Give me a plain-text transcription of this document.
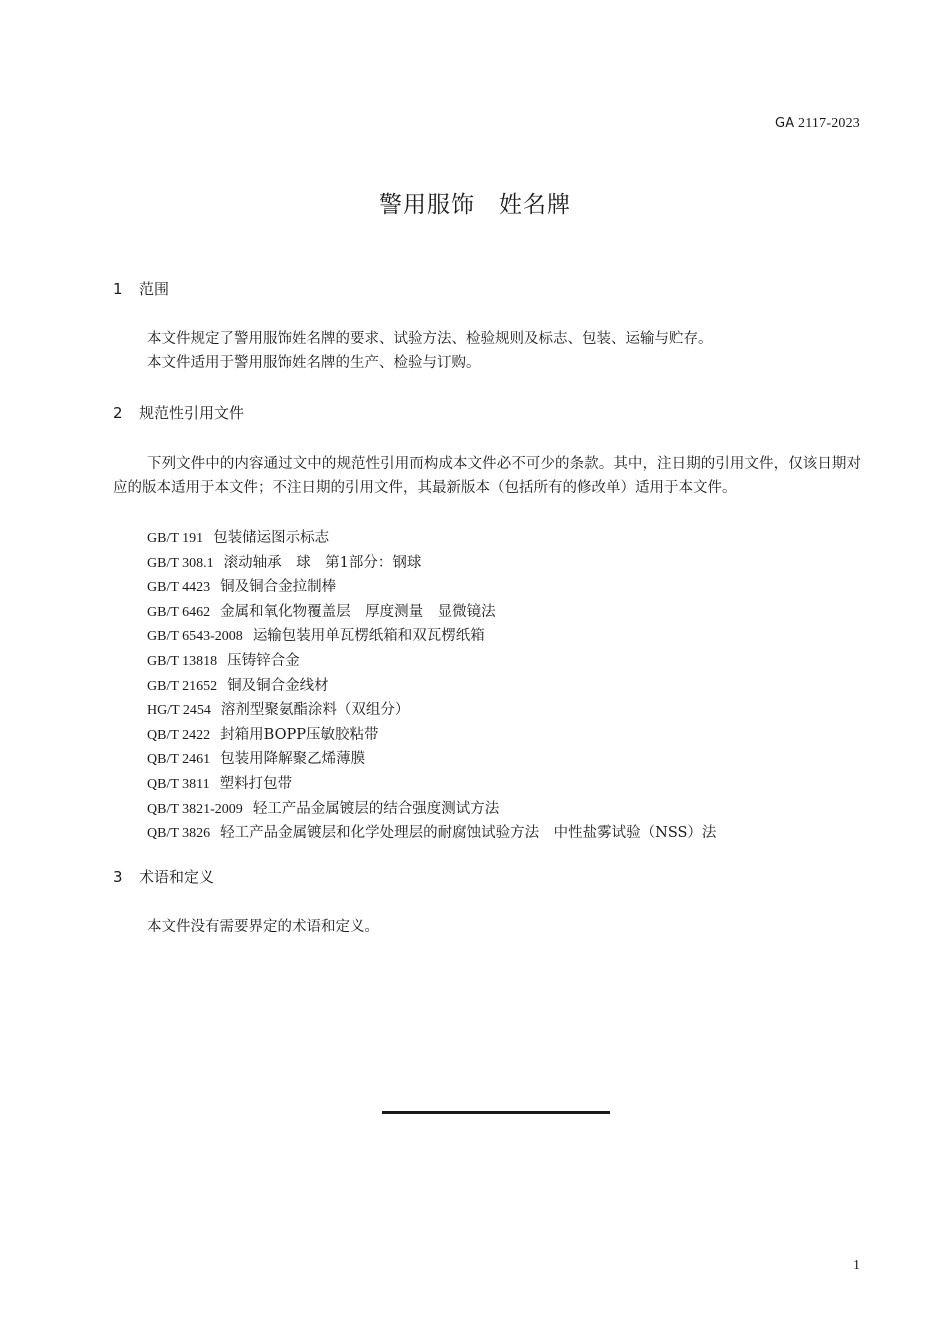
GA 2117-2023
警用服饰　姓名牌
1 范围
本文件规定了警用服饰姓名牌的要求、试验方法、检验规则及标志、包装、运输与贮存。
本文件适用于警用服饰姓名牌的生产、检验与订购。
2 规范性引用文件
下列文件中的内容通过文中的规范性引用而构成本文件必不可少的条款。其中，注日期的引用文件，仅该日期对应的版本适用于本文件；不注日期的引用文件，其最新版本（包括所有的修改单）适用于本文件。
GB/T 191 包装储运图示标志
GB/T 308.1 滚动轴承　球　第1部分：钢球
GB/T 4423 铜及铜合金拉制棒
GB/T 6462 金属和氧化物覆盖层　厚度测量　显微镜法
GB/T 6543-2008 运输包装用单瓦楞纸箱和双瓦楞纸箱
GB/T 13818 压铸锌合金
GB/T 21652 铜及铜合金线材
HG/T 2454 溶剂型聚氨酯涂料（双组分）
QB/T 2422 封箱用BOPP压敏胶粘带
QB/T 2461 包装用降解聚乙烯薄膜
QB/T 3811 塑料打包带
QB/T 3821-2009 轻工产品金属镀层的结合强度测试方法
QB/T 3826 轻工产品金属镀层和化学处理层的耐腐蚀试验方法　中性盐雾试验（NSS）法
3 术语和定义
本文件没有需要界定的术语和定义。
1
